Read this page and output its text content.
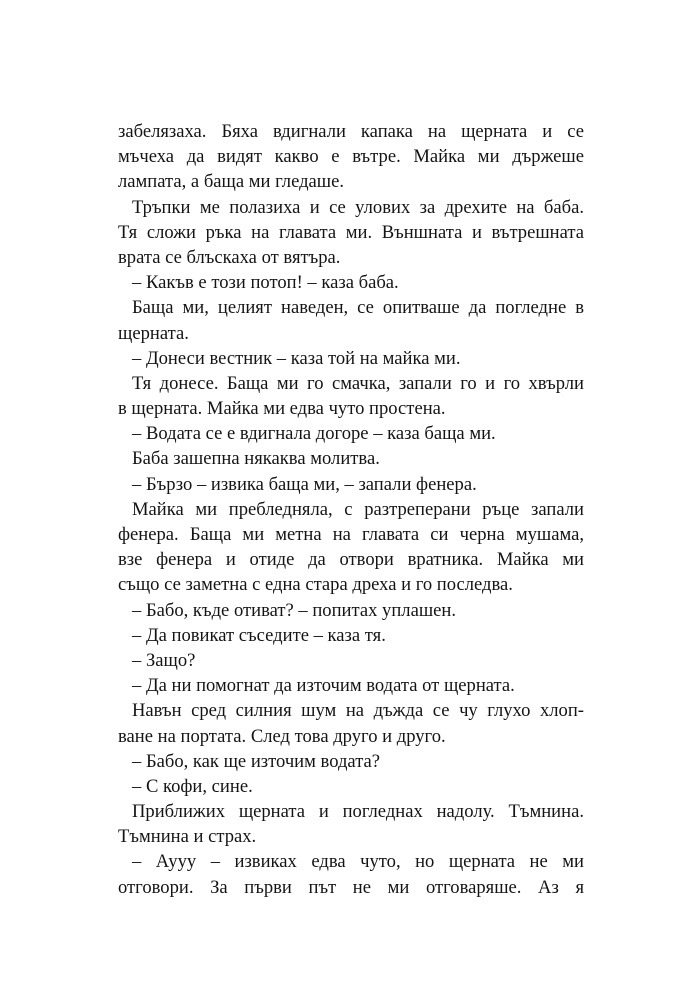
забелязаха. Бяха вдигнали капака на щерната и се
мъчеха да видят какво е вътре. Майка ми държеше
лампата, а баща ми гледаше.
Тръпки ме полазиха и се улових за дрехите на баба.
Тя сложи ръка на главата ми. Външната и вътрешната
врата се блъскаха от вятъра.
– Какъв е този потоп! – каза баба.
Баща ми, целият наведен, се опитваше да погледне в
щерната.
– Донеси вестник – каза той на майка ми.
Тя донесе. Баща ми го смачка, запали го и го хвърли
в щерната. Майка ми едва чуто простена.
– Водата се е вдигнала догоре – каза баща ми.
Баба зашепна някаква молитва.
– Бързо – извика баща ми, – запали фенера.
Майка ми пребледняла, с разтреперани ръце запали
фенера. Баща ми метна на главата си черна мушама,
взе фенера и отиде да отвори вратника. Майка ми
също се заметна с една стара дреха и го последва.
– Бабо, къде отиват? – попитах уплашен.
– Да повикат съседите – каза тя.
– Защо?
– Да ни помогнат да източим водата от щерната.
Навън сред силния шум на дъжда се чу глухо хлоп-
ване на портата. След това друго и друго.
– Бабо, как ще източим водата?
– С кофи, сине.
Приближих щерната и погледнах надолу. Тъмнина.
Тъмнина и страх.
– Аууу – извиках едва чуто, но щерната не ми
отговори. За първи път не ми отговаряше. Аз я
